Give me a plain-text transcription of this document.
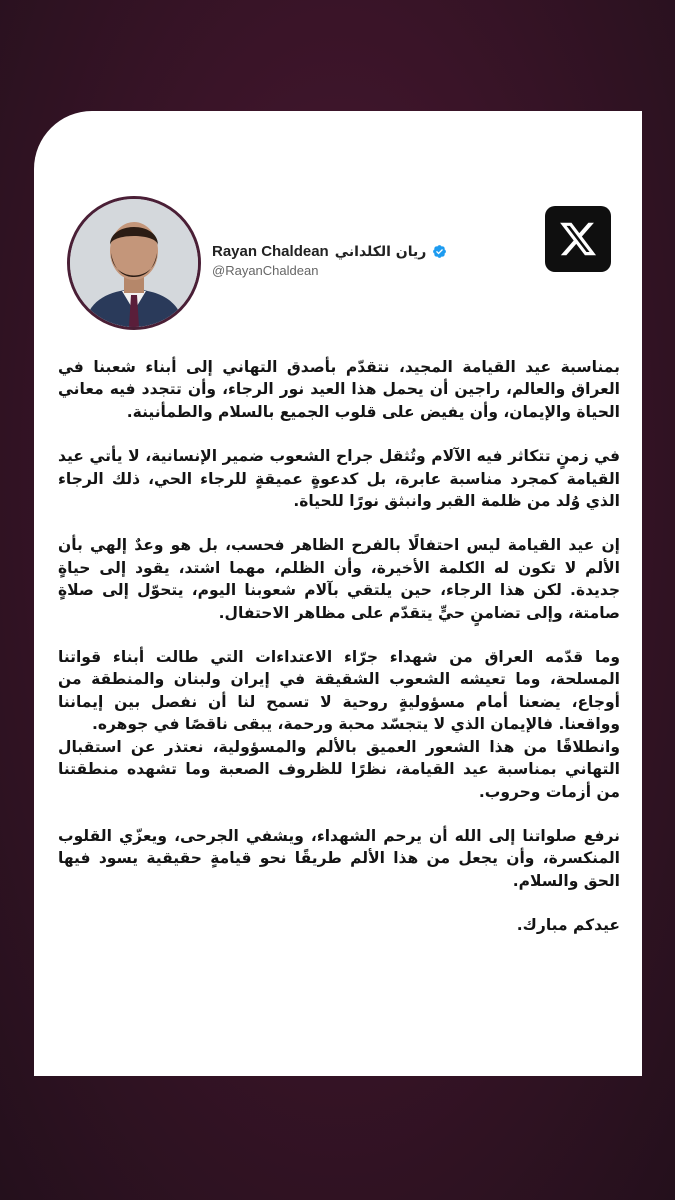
Rayan Chaldean ريان الكلداني
@RayanChaldean

بمناسبة عيد القيامة المجيد، نتقدّم بأصدق التهاني إلى أبناء شعبنا في العراق والعالم، راجين أن يحمل هذا العيد نور الرجاء، وأن تتجدد فيه معاني الحياة والإيمان، وأن يفيض على قلوب الجميع بالسلام والطمأنينة.

في زمنٍ تتكاثر فيه الآلام وتُثقل جراح الشعوب ضمير الإنسانية، لا يأتي عيد القيامة كمجرد مناسبة عابرة، بل كدعوةٍ عميقةٍ للرجاء الحي، ذلك الرجاء الذي وُلد من ظلمة القبر وانبثق نورًا للحياة.

إن عيد القيامة ليس احتفالًا بالفرح الظاهر فحسب، بل هو وعدٌ إلهي بأن الألم لا تكون له الكلمة الأخيرة، وأن الظلم، مهما اشتد، يقود إلى حياةٍ جديدة. لكن هذا الرجاء، حين يلتقي بآلام شعوبنا اليوم، يتحوّل إلى صلاةٍ صامتة، وإلى تضامنٍ حيٍّ يتقدّم على مظاهر الاحتفال.

وما قدّمه العراق من شهداء جرّاء الاعتداءات التي طالت أبناء قواتنا المسلحة، وما تعيشه الشعوب الشقيقة في إيران ولبنان والمنطقة من أوجاع، يضعنا أمام مسؤوليةٍ روحية لا تسمح لنا أن نفصل بين إيماننا وواقعنا. فالإيمان الذي لا يتجسّد محبة ورحمة، يبقى ناقصًا في جوهره.

وانطلاقًا من هذا الشعور العميق بالألم والمسؤولية، نعتذر عن استقبال التهاني بمناسبة عيد القيامة، نظرًا للظروف الصعبة وما تشهده منطقتنا من أزمات وحروب.

نرفع صلواتنا إلى الله أن يرحم الشهداء، ويشفي الجرحى، ويعزّي القلوب المنكسرة، وأن يجعل من هذا الألم طريقًا نحو قيامةٍ حقيقية يسود فيها الحق والسلام.

عيدكم مبارك.
